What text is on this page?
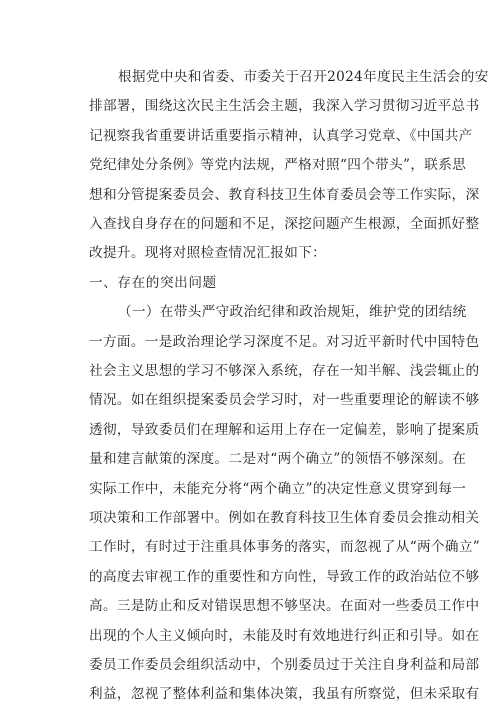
根据党中央和省委、市委关于召开2024年度民主生活会的安
排部署，围绕这次民主生活会主题，我深入学习贯彻习近平总书
记视察我省重要讲话重要指示精神，认真学习党章、《中国共产
党纪律处分条例》等党内法规，严格对照“四个带头”，联系思
想和分管提案委员会、教育科技卫生体育委员会等工作实际，深
入查找自身存在的问题和不足，深挖问题产生根源，全面抓好整
改提升。现将对照检查情况汇报如下：
一、存在的突出问题
（一）在带头严守政治纪律和政治规矩，维护党的团结统
一方面。一是政治理论学习深度不足。对习近平新时代中国特色
社会主义思想的学习不够深入系统，存在一知半解、浅尝辄止的
情况。如在组织提案委员会学习时，对一些重要理论的解读不够
透彻，导致委员们在理解和运用上存在一定偏差，影响了提案质
量和建言献策的深度。二是对“两个确立”的领悟不够深刻。在
实际工作中，未能充分将“两个确立”的决定性意义贯穿到每一
项决策和工作部署中。例如在教育科技卫生体育委员会推动相关
工作时，有时过于注重具体事务的落实，而忽视了从“两个确立”
的高度去审视工作的重要性和方向性，导致工作的政治站位不够
高。三是防止和反对错误思想不够坚决。在面对一些委员工作中
出现的个人主义倾向时，未能及时有效地进行纠正和引导。如在
委员工作委员会组织活动中，个别委员过于关注自身利益和局部
利益，忽视了整体利益和集体决策，我虽有所察觉，但未采取有
